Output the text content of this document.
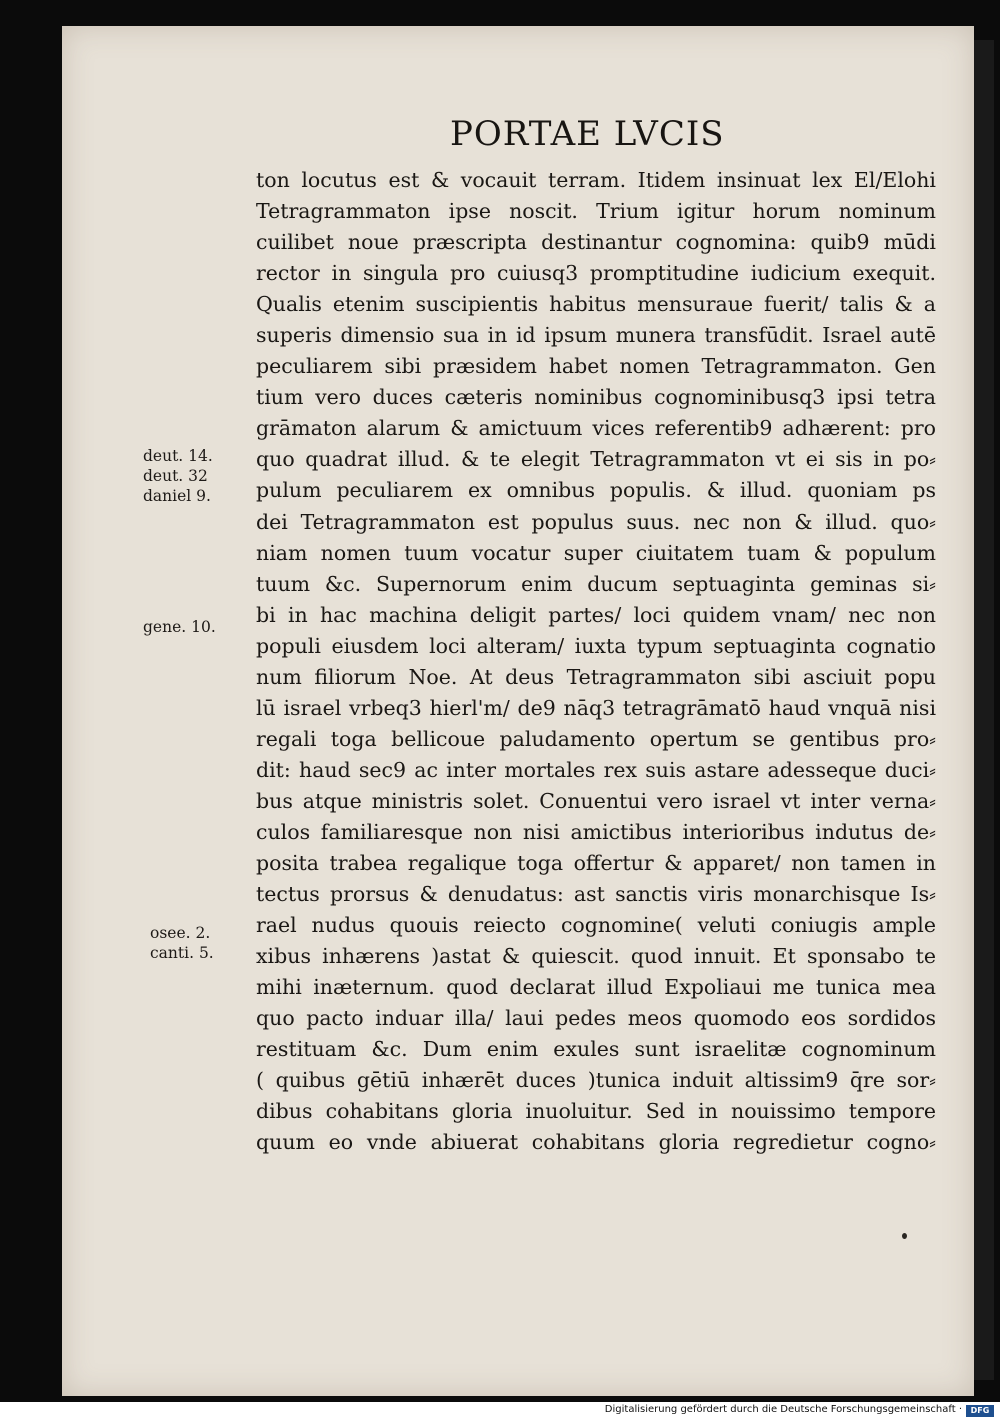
PORTAE LVCIS
ton locutus est & vocauit terram. Itidem insinuat lex El/Elohi
Tetragrammaton ipse noscit. Trium igitur horum nominum
cuilibet noue præscripta destinantur cognomina: quib9 mūdi
rector in singula pro cuiusq3 promptitudine iudicium exequit.
Qualis etenim suscipientis habitus mensuraue fuerit/ talis & a
superis dimensio sua in id ipsum munera transfūdit. Israel autē
peculiarem sibi præsidem habet nomen Tetragrammaton. Gen
tium vero duces cæteris nominibus cognominibusq3 ipsi tetra
grāmaton alarum & amictuum vices referentib9 adhærent: pro
quo quadrat illud. & te elegit Tetragrammaton vt ei sis in po⸗
pulum peculiarem ex omnibus populis. & illud. quoniam ps
dei Tetragrammaton est populus suus. nec non & illud. quo⸗
niam nomen tuum vocatur super ciuitatem tuam & populum
tuum &c. Supernorum enim ducum septuaginta geminas si⸗
bi in hac machina deligit partes/ loci quidem vnam/ nec non
populi eiusdem loci alteram/ iuxta typum septuaginta cognatio
num filiorum Noe. At deus Tetragrammaton sibi asciuit popu
lū israel vrbeq3 hierl'm/ de9 nāq3 tetragrāmatō haud vnquā nisi
regali toga bellicoue paludamento opertum se gentibus pro⸗
dit: haud sec9 ac inter mortales rex suis astare adesseque duci⸗
bus atque ministris solet. Conuentui vero israel vt inter verna⸗
culos familiaresque non nisi amictibus interioribus indutus de⸗
posita trabea regalique toga offertur & apparet/ non tamen in
tectus prorsus & denudatus: ast sanctis viris monarchisque Is⸗
rael nudus quouis reiecto cognomine( veluti coniugis ample
xibus inhærens )astat & quiescit. quod innuit. Et sponsabo te
mihi inæternum. quod declarat illud Expoliaui me tunica mea
quo pacto induar illa/ laui pedes meos quomodo eos sordidos
restituam &c. Dum enim exules sunt israelitæ cognominum
( quibus gētiū inhærēt duces )tunica induit altissim9 q̄re sor⸗
dibus cohabitans gloria inuoluitur. Sed in nouissimo tempore
quum eo vnde abiuerat cohabitans gloria regredietur cogno⸗
deut. 14.
deut. 32
daniel 9.
gene. 10.
osee. 2.
canti. 5.
Digitalisierung gefördert durch die Deutsche Forschungsgemeinschaft ·	DFG
